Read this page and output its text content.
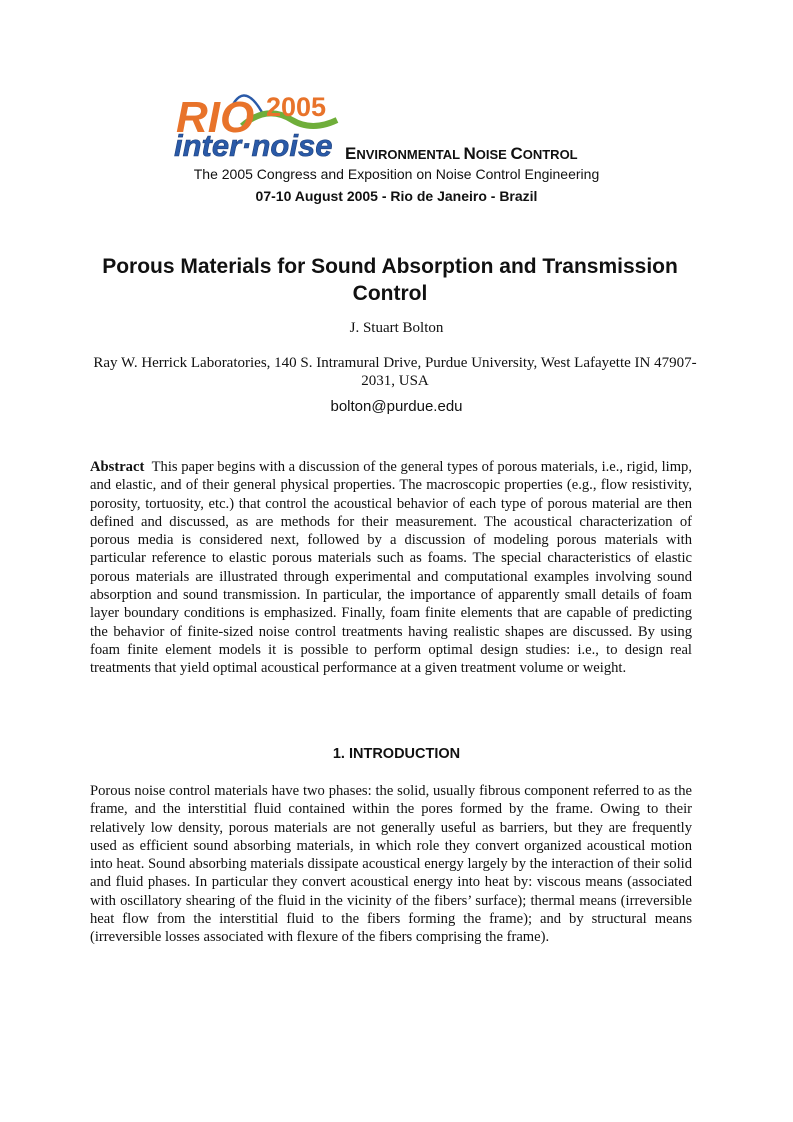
RIO 2005
inter·noise ENVIRONMENTAL NOISE CONTROL
The 2005 Congress and Exposition on Noise Control Engineering
07-10 August 2005 - Rio de Janeiro - Brazil
Porous Materials for Sound Absorption and Transmission Control
J. Stuart Bolton
Ray W. Herrick Laboratories, 140 S. Intramural Drive, Purdue University, West Lafayette IN 47907-2031, USA
bolton@purdue.edu
Abstract This paper begins with a discussion of the general types of porous materials, i.e., rigid, limp, and elastic, and of their general physical properties. The macroscopic properties (e.g., flow resistivity, porosity, tortuosity, etc.) that control the acoustical behavior of each type of porous material are then defined and discussed, as are methods for their measurement. The acoustical characterization of porous media is considered next, followed by a discussion of modeling porous materials with particular reference to elastic porous materials such as foams. The special characteristics of elastic porous materials are illustrated through experimental and computational examples involving sound absorption and sound transmission. In particular, the importance of apparently small details of foam layer boundary conditions is emphasized. Finally, foam finite elements that are capable of predicting the behavior of finite-sized noise control treatments having realistic shapes are discussed. By using foam finite element models it is possible to perform optimal design studies: i.e., to design real treatments that yield optimal acoustical performance at a given treatment volume or weight.
1. INTRODUCTION
Porous noise control materials have two phases: the solid, usually fibrous component referred to as the frame, and the interstitial fluid contained within the pores formed by the frame. Owing to their relatively low density, porous materials are not generally useful as barriers, but they are frequently used as efficient sound absorbing materials, in which role they convert organized acoustical motion into heat. Sound absorbing materials dissipate acoustical energy largely by the interaction of their solid and fluid phases. In particular they convert acoustical energy into heat by: viscous means (associated with oscillatory shearing of the fluid in the vicinity of the fibers’ surface); thermal means (irreversible heat flow from the interstitial fluid to the fibers forming the frame); and by structural means (irreversible losses associated with flexure of the fibers comprising the frame).
